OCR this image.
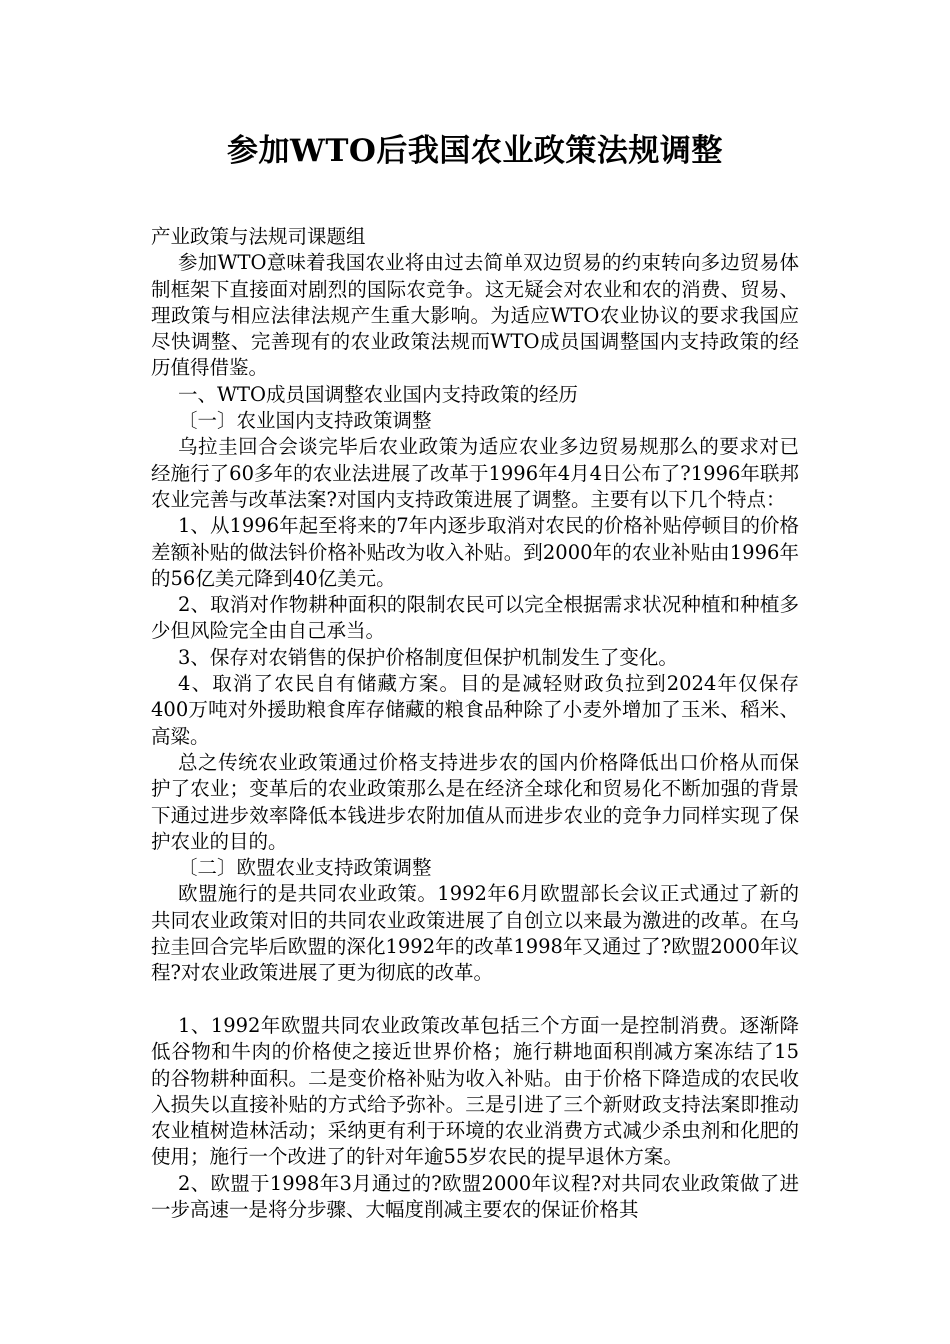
参加WTO后我国农业政策法规调整

产业政策与法规司课题组

参加WTO意味着我国农业将由过去简单双边贸易的约束转向多边贸易体制框架下直接面对剧烈的国际农竞争。这无疑会对农业和农的消费、贸易、理政策与相应法律法规产生重大影响。为适应WTO农业协议的要求我国应尽快调整、完善现有的农业政策法规而WTO成员国调整国内支持政策的经历值得借鉴。

一、WTO成员国调整农业国内支持政策的经历

〔一〕农业国内支持政策调整

乌拉圭回合会谈完毕后农业政策为适应农业多边贸易规那么的要求对已经施行了60多年的农业法进展了改革于1996年4月4日公布了?1996年联邦农业完善与改革法案?对国内支持政策进展了调整。主要有以下几个特点：

1、从1996年起至将来的7年内逐步取消对农民的价格补贴停顿目的价格 差额补贴的做法钭价格补贴改为收入补贴。到2000年的农业补贴由1996年的56亿美元降到40亿美元。

2、取消对作物耕种面积的限制农民可以完全根据需求状况种植和种植多少但风险完全由自己承当。

3、保存对农销售的保护价格制度但保护机制发生了变化。

4、取消了农民自有储藏方案。目的是减轻财政负拉到2024年仅保存400万吨对外援助粮食库存储藏的粮食品种除了小麦外增加了玉米、稻米、高粱。

总之传统农业政策通过价格支持进步农的国内价格降低出口价格从而保护了农业；变革后的农业政策那么是在经济全球化和贸易化不断加强的背景下通过进步效率降低本钱进步农附加值从而进步农业的竞争力同样实现了保护农业的目的。

〔二〕欧盟农业支持政策调整

欧盟施行的是共同农业政策。1992年6月欧盟部长会议正式通过了新的共同农业政策对旧的共同农业政策进展了自创立以来最为激进的改革。在乌拉圭回合完毕后欧盟的深化1992年的改革1998年又通过了?欧盟2000年议程?对农业政策进展了更为彻底的改革。

1、1992年欧盟共同农业政策改革包括三个方面一是控制消费。逐渐降低谷物和牛肉的价格使之接近世界价格；施行耕地面积削减方案冻结了15的谷物耕种面积。二是变价格补贴为收入补贴。由于价格下降造成的农民收入损失以直接补贴的方式给予弥补。三是引进了三个新财政支持法案即推动农业植树造林活动；采纳更有利于环境的农业消费方式减少杀虫剂和化肥的使用；施行一个改进了的针对年逾55岁农民的提早退休方案。

2、欧盟于1998年3月通过的?欧盟2000年议程?对共同农业政策做了进一步高速一是将分步骤、大幅度削减主要农的保证价格其
